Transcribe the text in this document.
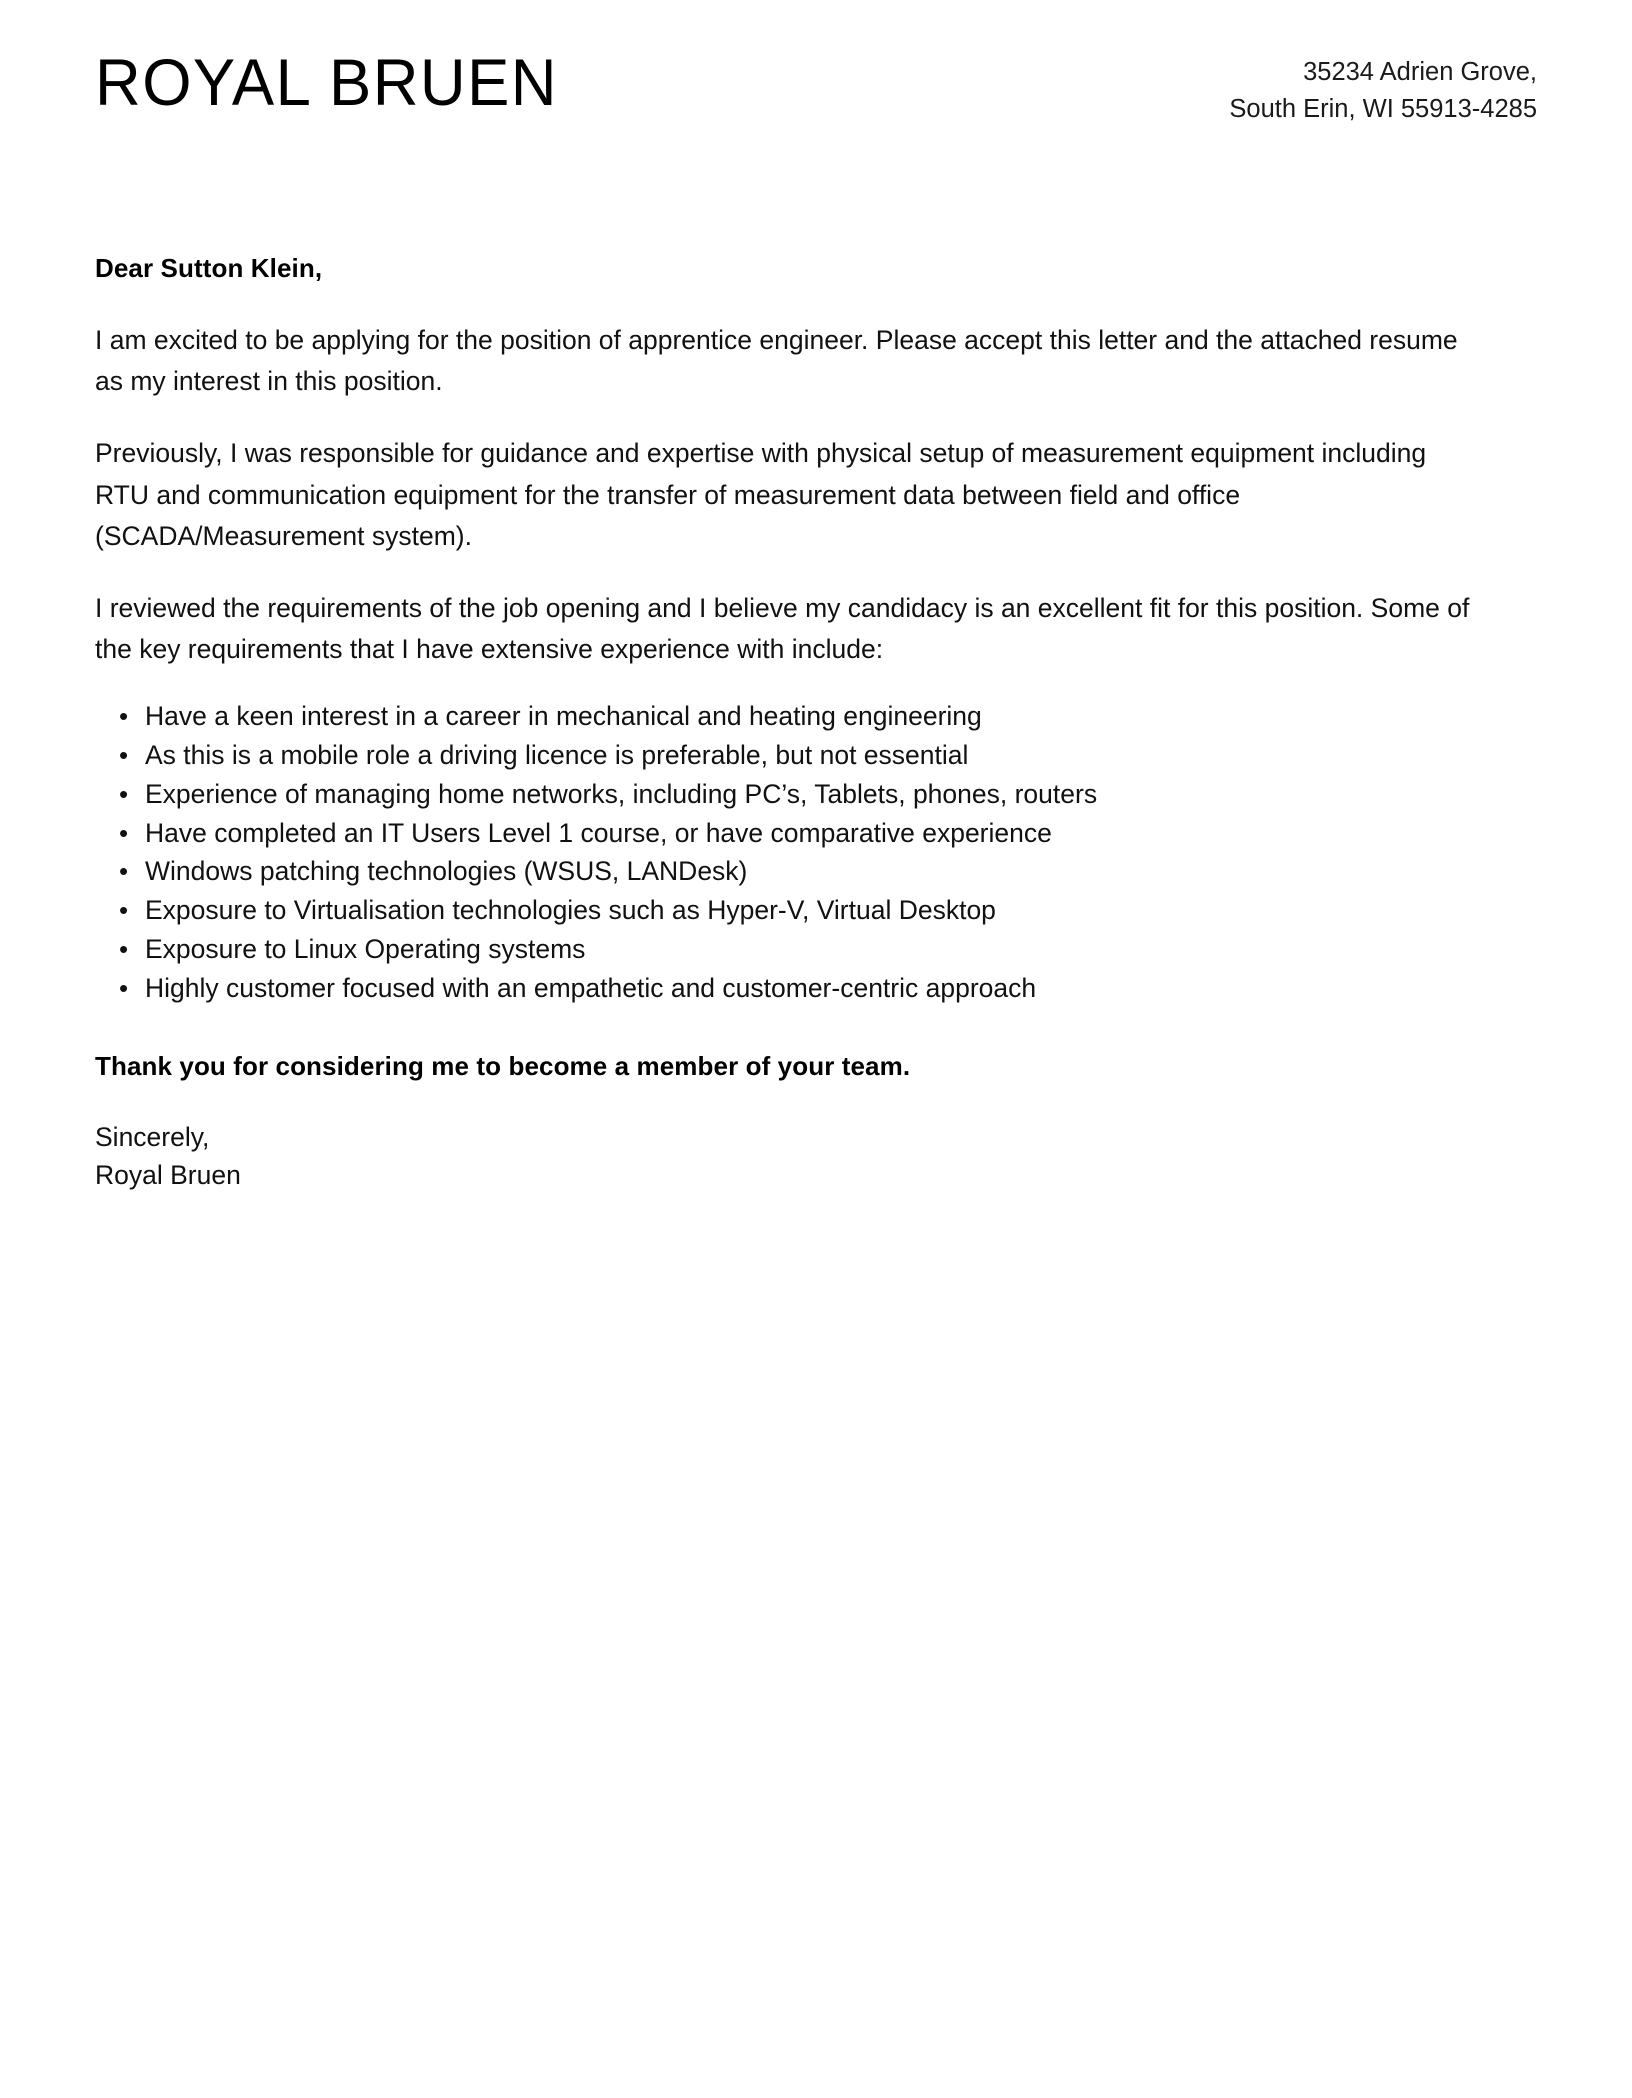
ROYAL BRUEN	35234 Adrien Grove,
South Erin, WI 55913-4285

Dear Sutton Klein,

I am excited to be applying for the position of apprentice engineer. Please accept this letter and the attached resume as my interest in this position.

Previously, I was responsible for guidance and expertise with physical setup of measurement equipment including RTU and communication equipment for the transfer of measurement data between field and office (SCADA/Measurement system).

I reviewed the requirements of the job opening and I believe my candidacy is an excellent fit for this position. Some of the key requirements that I have extensive experience with include:

• Have a keen interest in a career in mechanical and heating engineering
• As this is a mobile role a driving licence is preferable, but not essential
• Experience of managing home networks, including PC’s, Tablets, phones, routers
• Have completed an IT Users Level 1 course, or have comparative experience
• Windows patching technologies (WSUS, LANDesk)
• Exposure to Virtualisation technologies such as Hyper-V, Virtual Desktop
• Exposure to Linux Operating systems
• Highly customer focused with an empathetic and customer-centric approach

Thank you for considering me to become a member of your team.

Sincerely,
Royal Bruen
